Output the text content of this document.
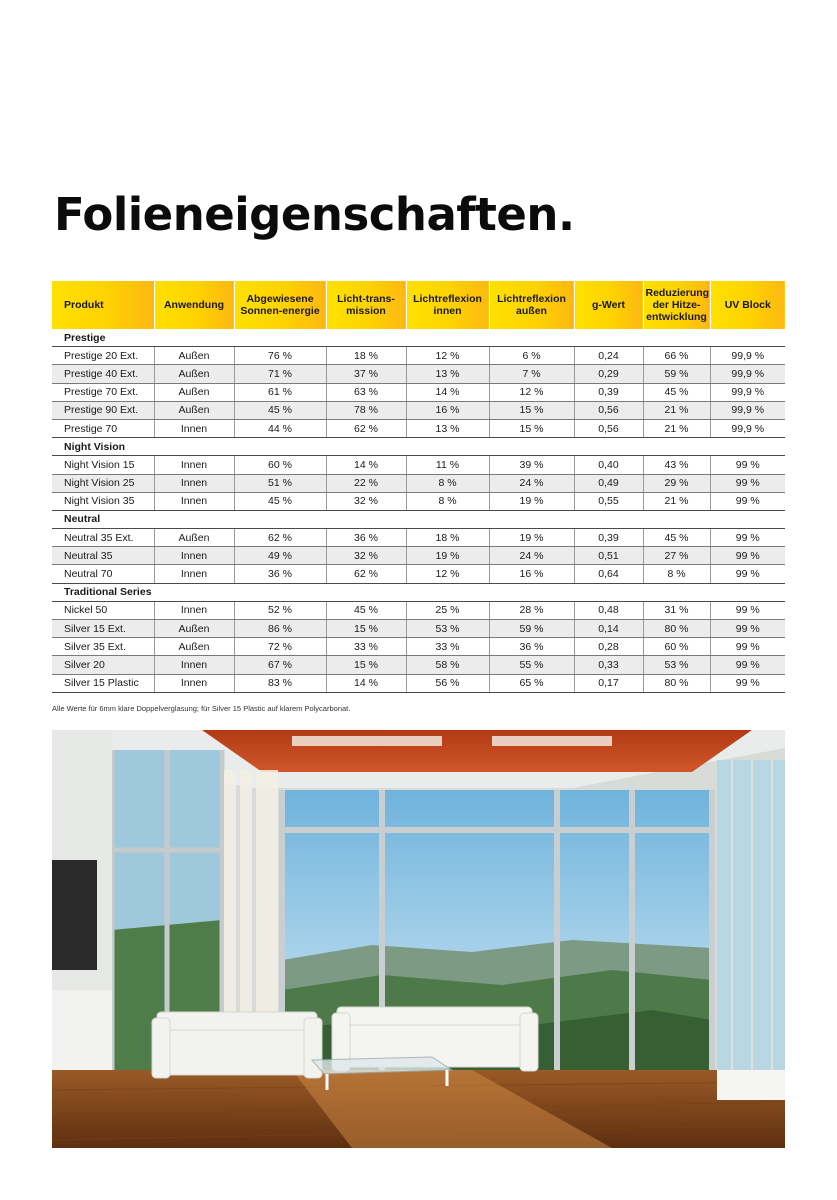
Folieneigenschaften.
Produkt	Anwendung	Abgewiesene Sonnen-energie	Licht-trans-mission	Lichtreflexion innen	Lichtreflexion außen	g-Wert	Reduzierung der Hitze-entwicklung	UV Block
Prestige								
Prestige 20 Ext.	Außen	76 %	18 %	12 %	6 %	0,24	66 %	99,9 %
Prestige 40 Ext.	Außen	71 %	37 %	13 %	7 %	0,29	59 %	99,9 %
Prestige 70 Ext.	Außen	61 %	63 %	14 %	12 %	0,39	45 %	99,9 %
Prestige 90 Ext.	Außen	45 %	78 %	16 %	15 %	0,56	21 %	99,9 %
Prestige 70	Innen	44 %	62 %	13 %	15 %	0,56	21 %	99,9 %
Night Vision								
Night Vision 15	Innen	60 %	14 %	11 %	39 %	0,40	43 %	99 %
Night Vision 25	Innen	51 %	22 %	8 %	24 %	0,49	29 %	99 %
Night Vision 35	Innen	45 %	32 %	8 %	19 %	0,55	21 %	99 %
Neutral								
Neutral 35 Ext.	Außen	62 %	36 %	18 %	19 %	0,39	45 %	99 %
Neutral 35	Innen	49 %	32 %	19 %	24 %	0,51	27 %	99 %
Neutral 70	Innen	36 %	62 %	12 %	16 %	0,64	8 %	99 %
Traditional Series								
Nickel 50	Innen	52 %	45 %	25 %	28 %	0,48	31 %	99 %
Silver 15 Ext.	Außen	86 %	15 %	53 %	59 %	0,14	80 %	99 %
Silver 35 Ext.	Außen	72 %	33 %	33 %	36 %	0,28	60 %	99 %
Silver 20	Innen	67 %	15 %	58 %	55 %	0,33	53 %	99 %
Silver 15 Plastic	Innen	83 %	14 %	56 %	65 %	0,17	80 %	99 %
Alle Werte für 6mm klare Doppelverglasung; für Silver 15 Plastic auf klarem Polycarbonat.
